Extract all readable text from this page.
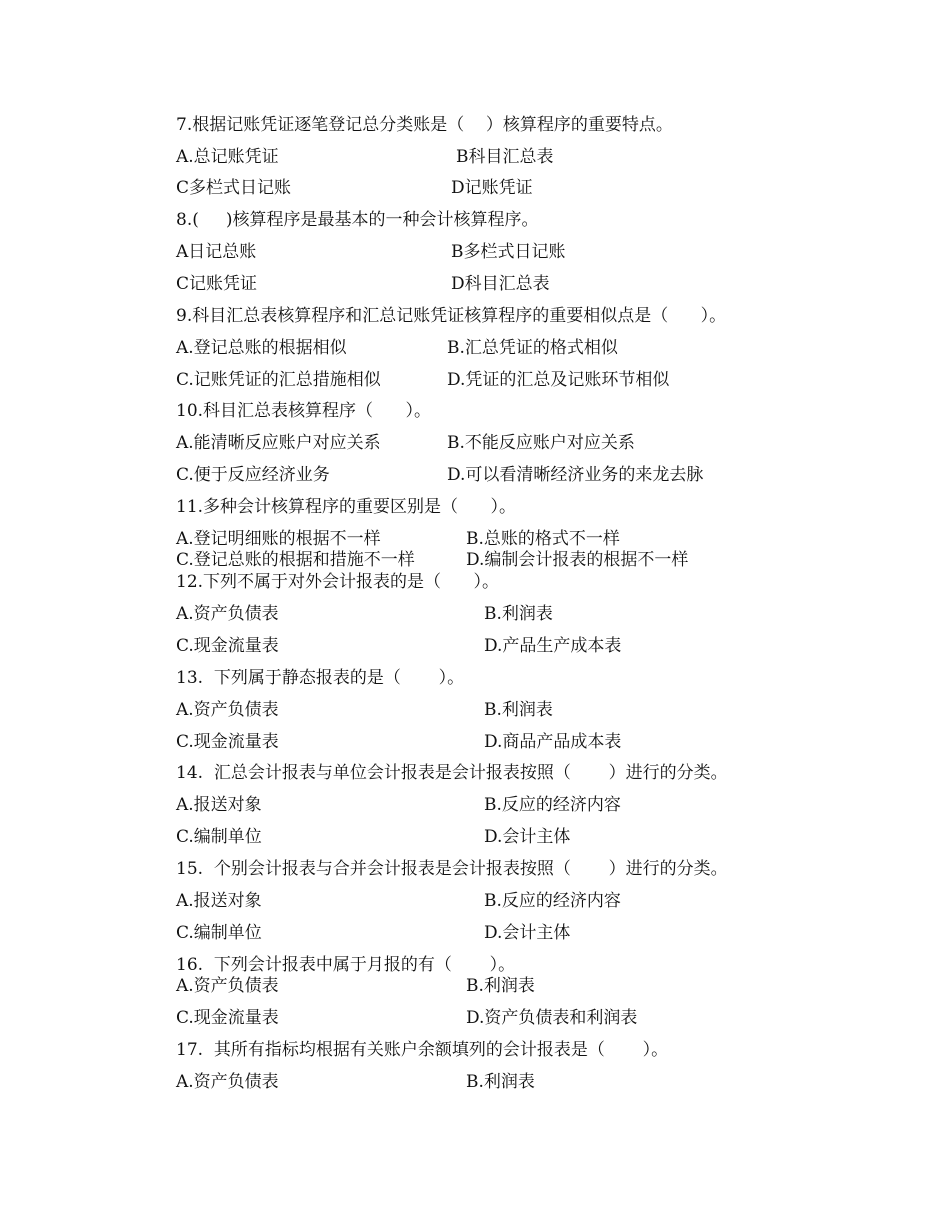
7.根据记账凭证逐笔登记总分类账是（    ）核算程序的重要特点。
A.总记账凭证	B科目汇总表
C多栏式日记账	D记账凭证
8.(     )核算程序是最基本的一种会计核算程序。
A日记总账	B多栏式日记账
C记账凭证	D科目汇总表
9.科目汇总表核算程序和汇总记账凭证核算程序的重要相似点是（      ）。
A.登记总账的根据相似	B.汇总凭证的格式相似
C.记账凭证的汇总措施相似	D.凭证的汇总及记账环节相似
10.科目汇总表核算程序（      ）。
A.能清晰反应账户对应关系	B.不能反应账户对应关系
C.便于反应经济业务	D.可以看清晰经济业务的来龙去脉
11.多种会计核算程序的重要区别是（      ）。
A.登记明细账的根据不一样	B.总账的格式不一样
C.登记总账的根据和措施不一样	D.编制会计报表的根据不一样
12.下列不属于对外会计报表的是（      ）。
A.资产负债表	B.利润表
C.现金流量表	D.产品生产成本表
13.  下列属于静态报表的是（       ）。
A.资产负债表	B.利润表
C.现金流量表	D.商品产品成本表
14.  汇总会计报表与单位会计报表是会计报表按照（       ）进行的分类。
A.报送对象	B.反应的经济内容
C.编制单位	D.会计主体
15.  个别会计报表与合并会计报表是会计报表按照（       ）进行的分类。
A.报送对象	B.反应的经济内容
C.编制单位	D.会计主体
16.  下列会计报表中属于月报的有（       ）。
A.资产负债表	B.利润表
C.现金流量表	D.资产负债表和利润表
17.  其所有指标均根据有关账户余额填列的会计报表是（       ）。
A.资产负债表	B.利润表
